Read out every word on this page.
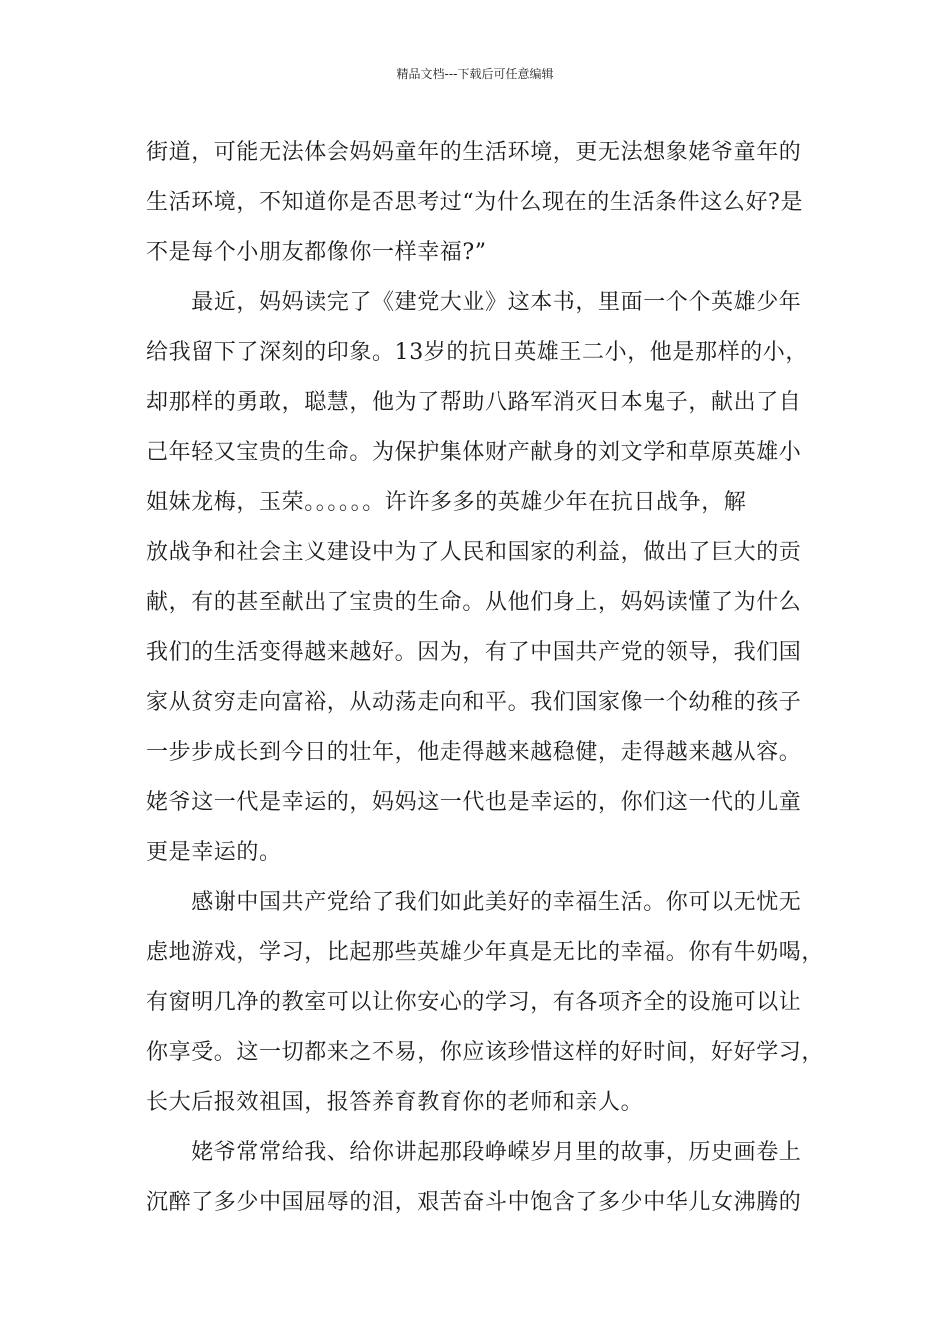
精品文档---下载后可任意编辑
街道，可能无法体会妈妈童年的生活环境，更无法想象姥爷童年的
生活环境，不知道你是否思考过“为什么现在的生活条件这么好?是
不是每个小朋友都像你一样幸福?”
　　最近，妈妈读完了《建党大业》这本书，里面一个个英雄少年
给我留下了深刻的印象。13岁的抗日英雄王二小，他是那样的小，
却那样的勇敢，聪慧，他为了帮助八路军消灭日本鬼子，献出了自
己年轻又宝贵的生命。为保护集体财产献身的刘文学和草原英雄小
姐妹龙梅，玉荣。。。。。。许许多多的英雄少年在抗日战争，解
放战争和社会主义建设中为了人民和国家的利益，做出了巨大的贡
献，有的甚至献出了宝贵的生命。从他们身上，妈妈读懂了为什么
我们的生活变得越来越好。因为，有了中国共产党的领导，我们国
家从贫穷走向富裕，从动荡走向和平。我们国家像一个幼稚的孩子
一步步成长到今日的壮年，他走得越来越稳健，走得越来越从容。
姥爷这一代是幸运的，妈妈这一代也是幸运的，你们这一代的儿童
更是幸运的。
　　感谢中国共产党给了我们如此美好的幸福生活。你可以无忧无
虑地游戏，学习，比起那些英雄少年真是无比的幸福。你有牛奶喝，
有窗明几净的教室可以让你安心的学习，有各项齐全的设施可以让
你享受。这一切都来之不易，你应该珍惜这样的好时间，好好学习，
长大后报效祖国，报答养育教育你的老师和亲人。
　　姥爷常常给我、给你讲起那段峥嵘岁月里的故事，历史画卷上
沉醉了多少中国屈辱的泪，艰苦奋斗中饱含了多少中华儿女沸腾的
